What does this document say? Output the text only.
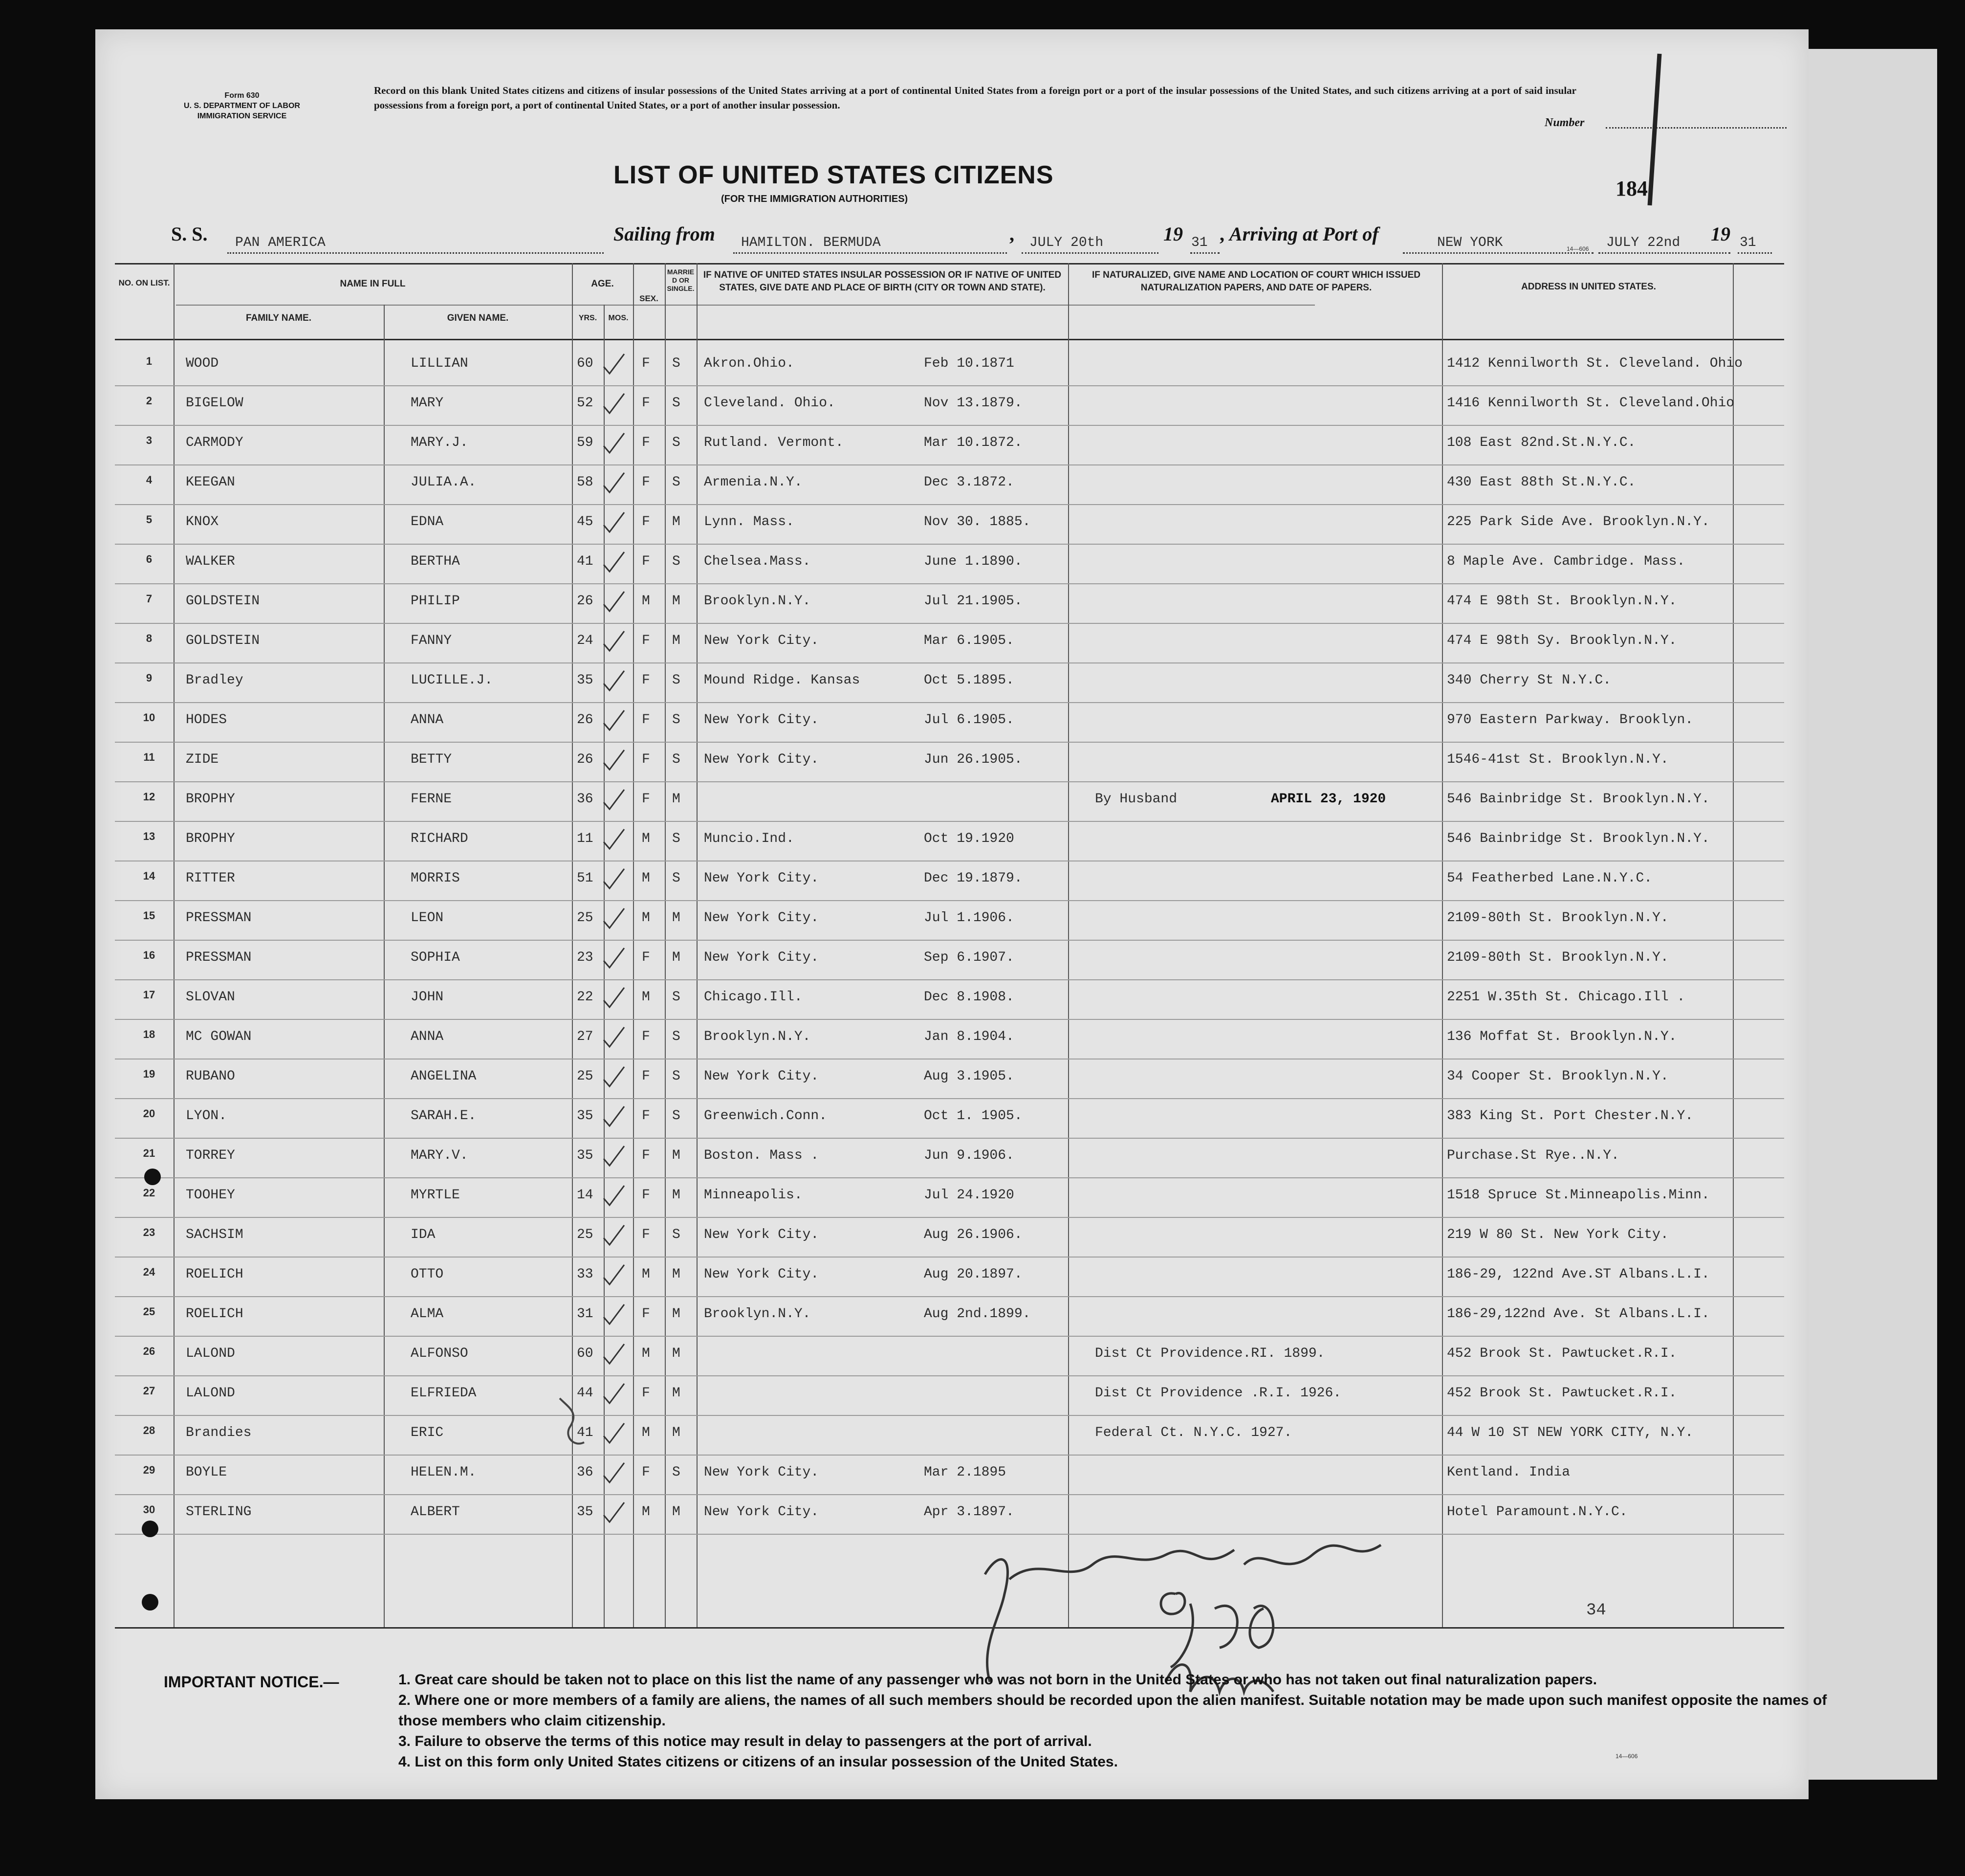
Form 630
U. S. DEPARTMENT OF LABOR
IMMIGRATION SERVICE
Record on this blank United States citizens and citizens of insular possessions of the United States arriving at a port of continental United States from a foreign port or a port of the insular possessions of the United States, and such citizens arriving at a port of said insular possessions from a foreign port, a port of continental United States, or a port of another insular possession.
Number
184
LIST OF UNITED STATES CITIZENS
(FOR THE IMMIGRATION AUTHORITIES)
S. S. PAN AMERICA	Sailing from HAMILTON. BERMUDA	, JULY 20th	19 31 , Arriving at Port of	NEW YORK	JULY 22nd 19 31
14—606
NO. ON LIST.	NAME IN FULL
FAMILY NAME.	GIVEN NAME.
AGE.
YRS.	MOS.
SEX.
MARRIED OR SINGLE.
IF NATIVE OF UNITED STATES INSULAR POSSESSION OR IF NATIVE OF UNITED STATES, GIVE DATE AND PLACE OF BIRTH (CITY OR TOWN AND STATE).
IF NATURALIZED, GIVE NAME AND LOCATION OF COURT WHICH ISSUED NATURALIZATION PAPERS, AND DATE OF PAPERS.	ADDRESS IN UNITED STATES.
1	WOOD	LILLIAN	60	F S Akron.Ohio.	Feb 10.1871	1412 Kennilworth St. Cleveland. Ohio
2	BIGELOW	MARY	52	F S Cleveland. Ohio.	Nov 13.1879.	1416 Kennilworth St. Cleveland.Ohio
3	CARMODY	MARY.J.	59	F S Rutland. Vermont.	Mar 10.1872.	108 East 82nd.St.N.Y.C.
4	KEEGAN	JULIA.A.	58	F S Armenia.N.Y.	Dec 3.1872.	430 East 88th St.N.Y.C.
5	KNOX	EDNA	45	F M Lynn. Mass.	Nov 30. 1885.	225 Park Side Ave. Brooklyn.N.Y.
6	WALKER	BERTHA	41	F S Chelsea.Mass.	June 1.1890.	8 Maple Ave. Cambridge. Mass.
7	GOLDSTEIN	PHILIP	26	M M Brooklyn.N.Y.	Jul 21.1905.	474 E 98th St. Brooklyn.N.Y.
8	GOLDSTEIN	FANNY	24	F M New York City.	Mar 6.1905.	474 E 98th Sy. Brooklyn.N.Y.
9	Bradley	LUCILLE.J.	35	F S Mound Ridge. Kansas	Oct 5.1895.	340 Cherry St N.Y.C.
10	HODES	ANNA	26	F S New York City.	Jul 6.1905.	970 Eastern Parkway. Brooklyn.
11	ZIDE	BETTY	26	F S New York City.	Jun 26.1905.	1546-41st St. Brooklyn.N.Y.
12	BROPHY	FERNE	36	F M	By Husband	APRIL 23, 1920	546 Bainbridge St. Brooklyn.N.Y.
13	BROPHY	RICHARD	11	M S Muncio.Ind.	Oct 19.1920	546 Bainbridge St. Brooklyn.N.Y.
14	RITTER	MORRIS	51	M S New York City.	Dec 19.1879.	54 Featherbed Lane.N.Y.C.
15	PRESSMAN	LEON	25	M M New York City.	Jul 1.1906.	2109-80th St. Brooklyn.N.Y.
16	PRESSMAN	SOPHIA	23	F M New York City.	Sep 6.1907.	2109-80th St. Brooklyn.N.Y.
17	SLOVAN	JOHN	22	M S Chicago.Ill.	Dec 8.1908.	2251 W.35th St. Chicago.Ill .
18	MC GOWAN	ANNA	27	F S Brooklyn.N.Y.	Jan 8.1904.	136 Moffat St. Brooklyn.N.Y.
19	RUBANO	ANGELINA	25	F S New York City.	Aug 3.1905.	34 Cooper St. Brooklyn.N.Y.
20	LYON.	SARAH.E.	35	F S Greenwich.Conn.	Oct 1. 1905.	383 King St. Port Chester.N.Y.
21	TORREY	MARY.V.	35	F M Boston. Mass .	Jun 9.1906.	Purchase.St Rye..N.Y.
22	TOOHEY	MYRTLE	14	F M Minneapolis.	Jul 24.1920	1518 Spruce St.Minneapolis.Minn.
23	SACHSIM	IDA	25	F S New York City.	Aug 26.1906.	219 W 80 St. New York City.
24	ROELICH	OTTO	33	M M New York City.	Aug 20.1897.	186-29, 122nd Ave.ST Albans.L.I.
25	ROELICH	ALMA	31	F M Brooklyn.N.Y.	Aug 2nd.1899.	186-29,122nd Ave. St Albans.L.I.
26	LALOND	ALFONSO	60	M M	Dist Ct Providence.RI. 1899.	452 Brook St. Pawtucket.R.I.
27	LALOND	ELFRIEDA	44	F M	Dist Ct Providence .R.I. 1926.	452 Brook St. Pawtucket.R.I.
28	Brandies	ERIC	41	M M	Federal Ct. N.Y.C. 1927.	44 W 10 ST NEW YORK CITY, N.Y.
29	BOYLE	HELEN.M.	36	F S New York City.	Mar 2.1895	Kentland. India
30	STERLING	ALBERT	35	M M New York City.	Apr 3.1897.	Hotel Paramount.N.Y.C.
34
IMPORTANT NOTICE.—	1. Great care should be taken not to place on this list the name of any passenger who was not born in the United States or who has not taken out final naturalization papers.
2. Where one or more members of a family are aliens, the names of all such members should be recorded upon the alien manifest. Suitable notation may be made upon such manifest opposite the names of those members who claim citizenship.
3. Failure to observe the terms of this notice may result in delay to passengers at the port of arrival.
4. List on this form only United States citizens or citizens of an insular possession of the United States.	14—606
